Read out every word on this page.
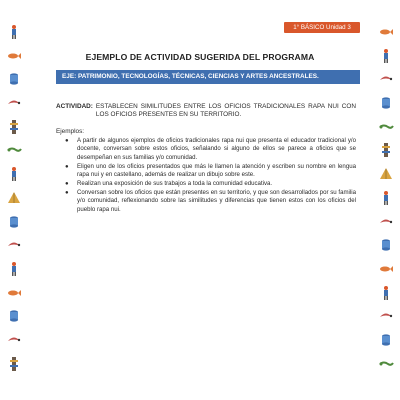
1° BÁSICO Unidad 3
EJEMPLO DE ACTIVIDAD SUGERIDA DEL PROGRAMA
EJE: PATRIMONIO, TECNOLOGÍAS, TÉCNICAS, CIENCIAS Y ARTES ANCESTRALES.
ACTIVIDAD: ESTABLECEN SIMILITUDES ENTRE LOS OFICIOS TRADICIONALES RAPA NUI CON LOS OFICIOS PRESENTES EN SU TERRITORIO.
Ejemplos:
● A partir de algunos ejemplos de oficios tradicionales rapa nui que presenta el educador tradicional y/o docente, conversan sobre estos oficios, señalando si alguno de ellos se parece a oficios que se desempeñan en sus familias y/o comunidad.
● Eligen uno de los oficios presentados que más le llamen la atención y escriben su nombre en lengua rapa nui y en castellano, además de realizar un dibujo sobre este.
● Realizan una exposición de sus trabajos a toda la comunidad educativa.
● Conversan sobre los oficios que están presentes en su territorio, y que son desarrollados por su familia y/o comunidad, reflexionando sobre las similitudes y diferencias que tienen estos con los oficios del pueblo rapa nui.
